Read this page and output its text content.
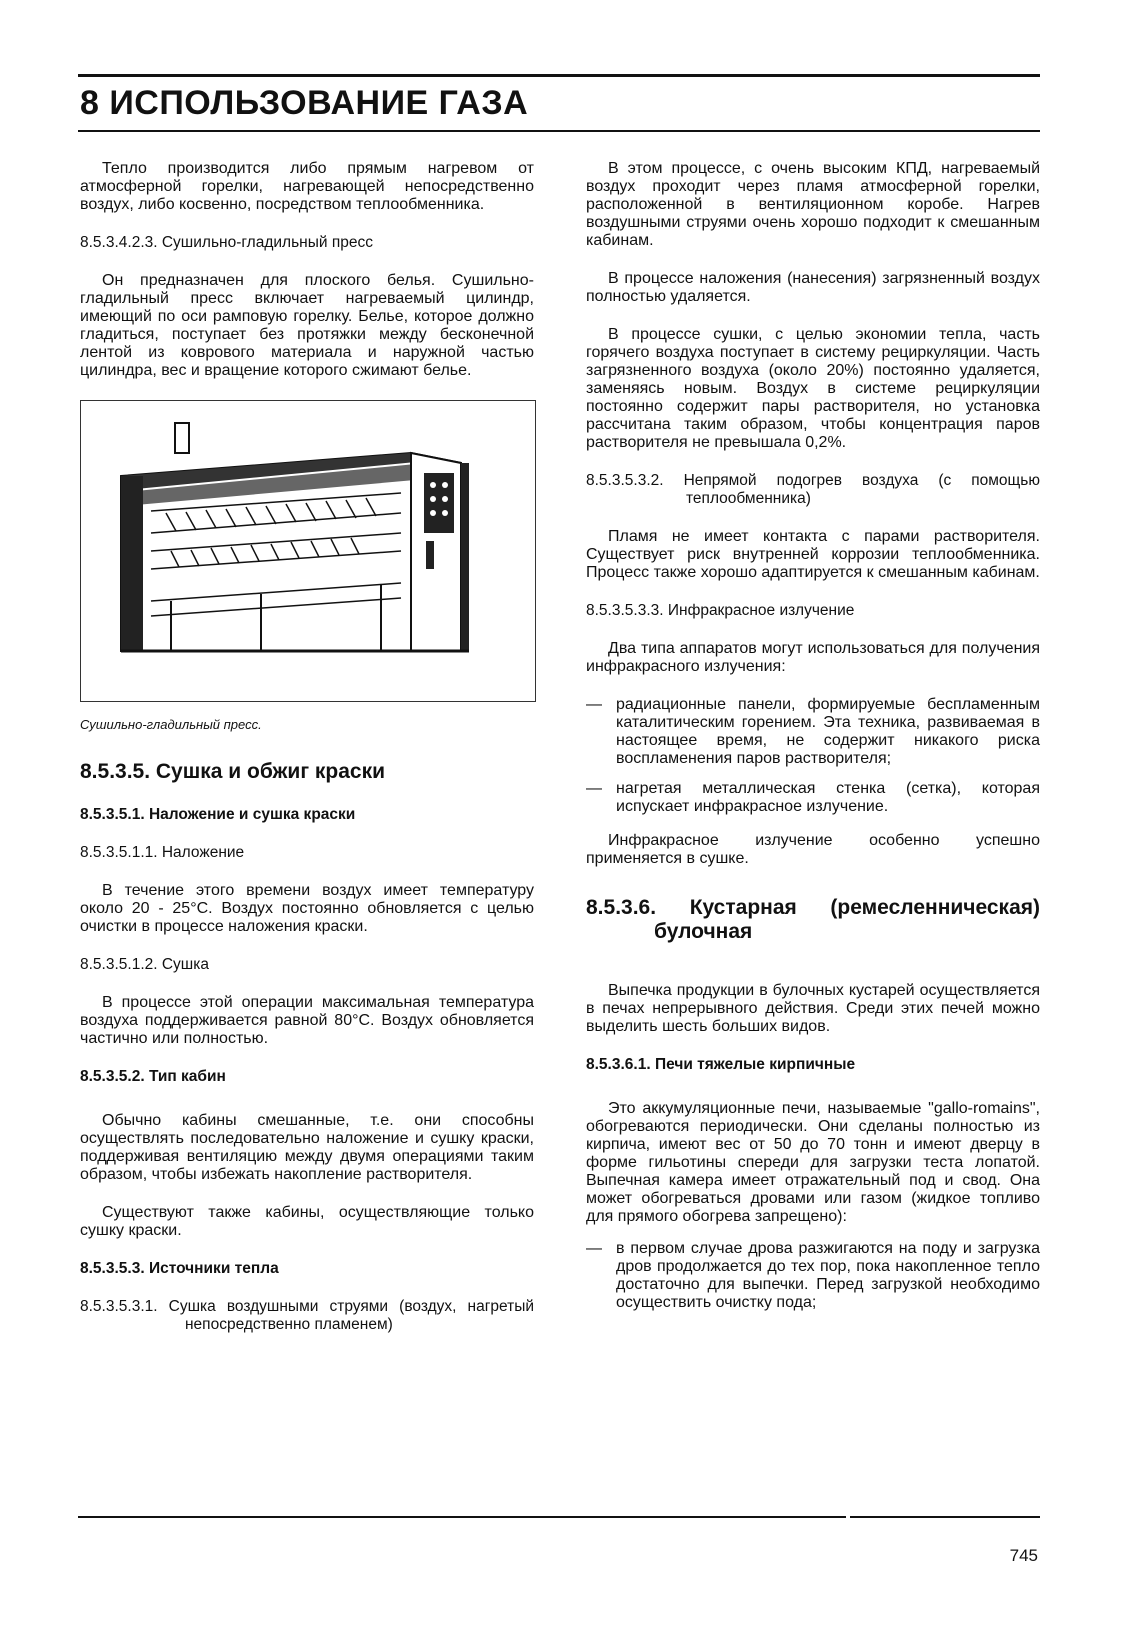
8 ИСПОЛЬЗОВАНИЕ ГАЗА

Тепло производится либо прямым нагревом от атмосферной горелки, нагревающей непосредственно воздух, либо косвенно, посредством теплообменника.

8.5.3.4.2.3. Сушильно-гладильный пресс

Он предназначен для плоского белья. Сушильно-гладильный пресс включает нагреваемый цилиндр, имеющий по оси рамповую горелку. Белье, которое должно гладиться, поступает без протяжки между бесконечной лентой из коврового материала и наружной частью цилиндра, вес и вращение которого сжимают белье.

Сушильно-гладильный пресс.

8.5.3.5. Сушка и обжиг краски

8.5.3.5.1. Наложение и сушка краски

8.5.3.5.1.1. Наложение

В течение этого времени воздух имеет температуру около 20 - 25°С. Воздух постоянно обновляется с целью очистки в процессе наложения краски.

8.5.3.5.1.2. Сушка

В процессе этой операции максимальная температура воздуха поддерживается равной 80°С. Воздух обновляется частично или полностью.

8.5.3.5.2. Тип кабин

Обычно кабины смешанные, т.е. они способны осуществлять последовательно наложение и сушку краски, поддерживая вентиляцию между двумя операциями таким образом, чтобы избежать накопление растворителя.

Существуют также кабины, осуществляющие только сушку краски.

8.5.3.5.3. Источники тепла

8.5.3.5.3.1. Сушка воздушными струями (воздух, нагретый непосредственно пламенем)

В этом процессе, с очень высоким КПД, нагреваемый воздух проходит через пламя атмосферной горелки, расположенной в вентиляционном коробе. Нагрев воздушными струями очень хорошо подходит к смешанным кабинам.

В процессе наложения (нанесения) загрязненный воздух полностью удаляется.

В процессе сушки, с целью экономии тепла, часть горячего воздуха поступает в систему рециркуляции. Часть загрязненного воздуха (около 20%) постоянно удаляется, заменяясь новым. Воздух в системе рециркуляции постоянно содержит пары растворителя, но установка рассчитана таким образом, чтобы концентрация паров растворителя не превышала 0,2%.

8.5.3.5.3.2. Непрямой подогрев воздуха (с помощью теплообменника)

Пламя не имеет контакта с парами растворителя. Существует риск внутренней коррозии теплообменника. Процесс также хорошо адаптируется к смешанным кабинам.

8.5.3.5.3.3. Инфракрасное излучение

Два типа аппаратов могут использоваться для получения инфракрасного излучения:

— радиационные панели, формируемые беспламенным каталитическим горением. Эта техника, развиваемая в настоящее время, не содержит никакого риска воспламенения паров растворителя;
— нагретая металлическая стенка (сетка), которая испускает инфракрасное излучение.

Инфракрасное излучение особенно успешно применяется в сушке.

8.5.3.6. Кустарная (ремесленническая) булочная

Выпечка продукции в булочных кустарей осуществляется в печах непрерывного действия. Среди этих печей можно выделить шесть больших видов.

8.5.3.6.1. Печи тяжелые кирпичные

Это аккумуляционные печи, называемые "gallo-romains", обогреваются периодически. Они сделаны полностью из кирпича, имеют вес от 50 до 70 тонн и имеют дверцу в форме гильотины спереди для загрузки теста лопатой. Выпечная камера имеет отражательный под и свод. Она может обогреваться дровами или газом (жидкое топливо для прямого обогрева запрещено):

— в первом случае дрова разжигаются на поду и загрузка дров продолжается до тех пор, пока накопленное тепло достаточно для выпечки. Перед загрузкой необходимо осуществить очистку пода;
745
